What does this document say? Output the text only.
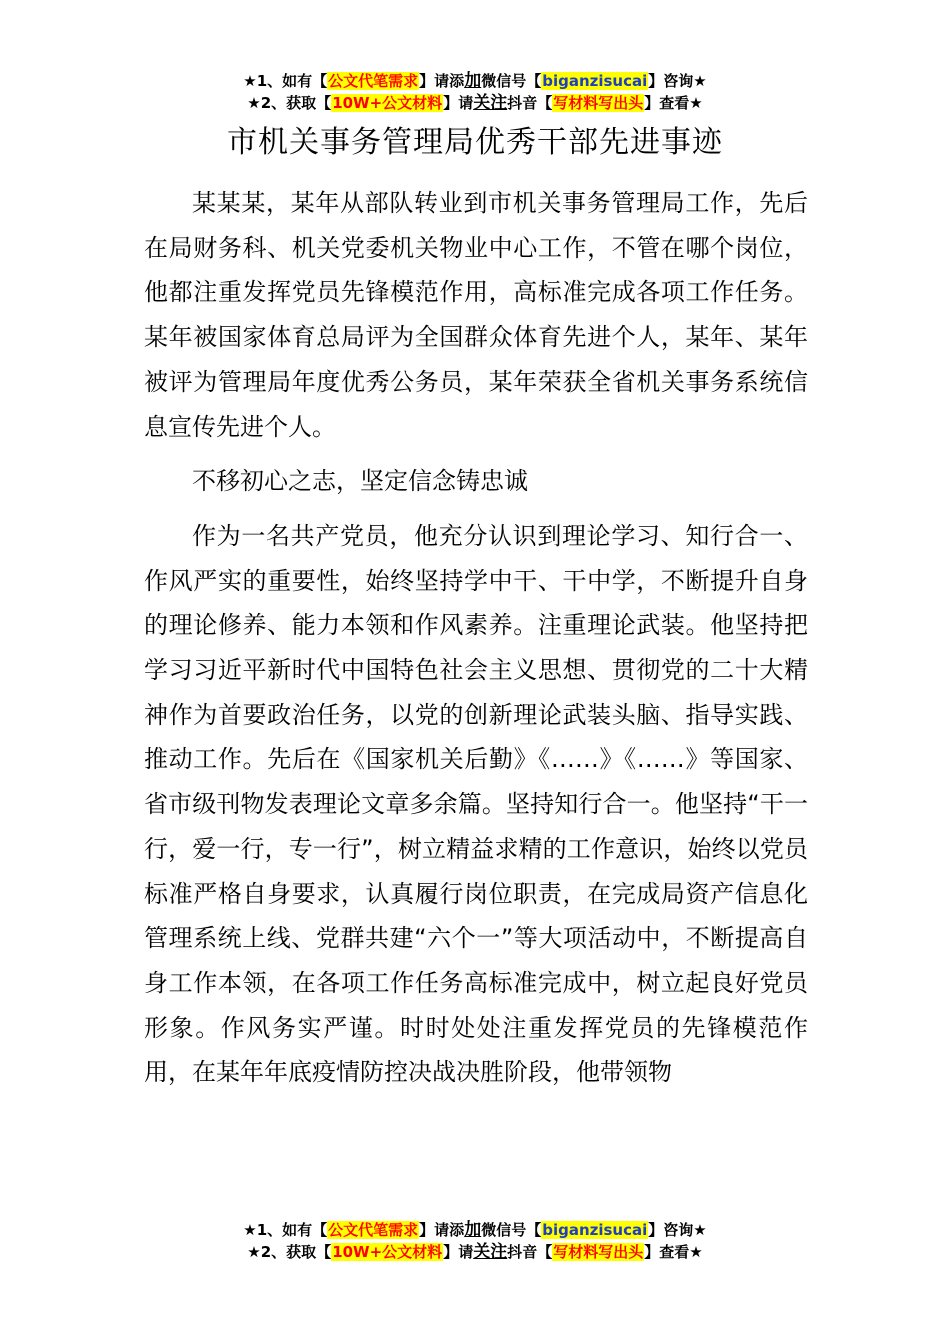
★1、如有【公文代笔需求】请添加微信号【biganzisucai】咨询★
★2、获取【10W+公文材料】请关注抖音【写材料写出头】查看★
市机关事务管理局优秀干部先进事迹

某某某，某年从部队转业到市机关事务管理局工作，先后在局财务科、机关党委机关物业中心工作，不管在哪个岗位，他都注重发挥党员先锋模范作用，高标准完成各项工作任务。某年被国家体育总局评为全国群众体育先进个人，某年、某年被评为管理局年度优秀公务员，某年荣获全省机关事务系统信息宣传先进个人。

不移初心之志，坚定信念铸忠诚

作为一名共产党员，他充分认识到理论学习、知行合一、作风严实的重要性，始终坚持学中干、干中学，不断提升自身的理论修养、能力本领和作风素养。注重理论武装。他坚持把学习习近平新时代中国特色社会主义思想、贯彻党的二十大精神作为首要政治任务，以党的创新理论武装头脑、指导实践、推动工作。先后在《国家机关后勤》《……》《……》等国家、省市级刊物发表理论文章多余篇。坚持知行合一。他坚持“干一行，爱一行，专一行”，树立精益求精的工作意识，始终以党员标准严格自身要求，认真履行岗位职责，在完成局资产信息化管理系统上线、党群共建“六个一”等大项活动中，不断提高自身工作本领，在各项工作任务高标准完成中，树立起良好党员形象。作风务实严谨。时时处处注重发挥党员的先锋模范作用，在某年年底疫情防控决战决胜阶段，他带领物

★1、如有【公文代笔需求】请添加微信号【biganzisucai】咨询★
★2、获取【10W+公文材料】请关注抖音【写材料写出头】查看★
